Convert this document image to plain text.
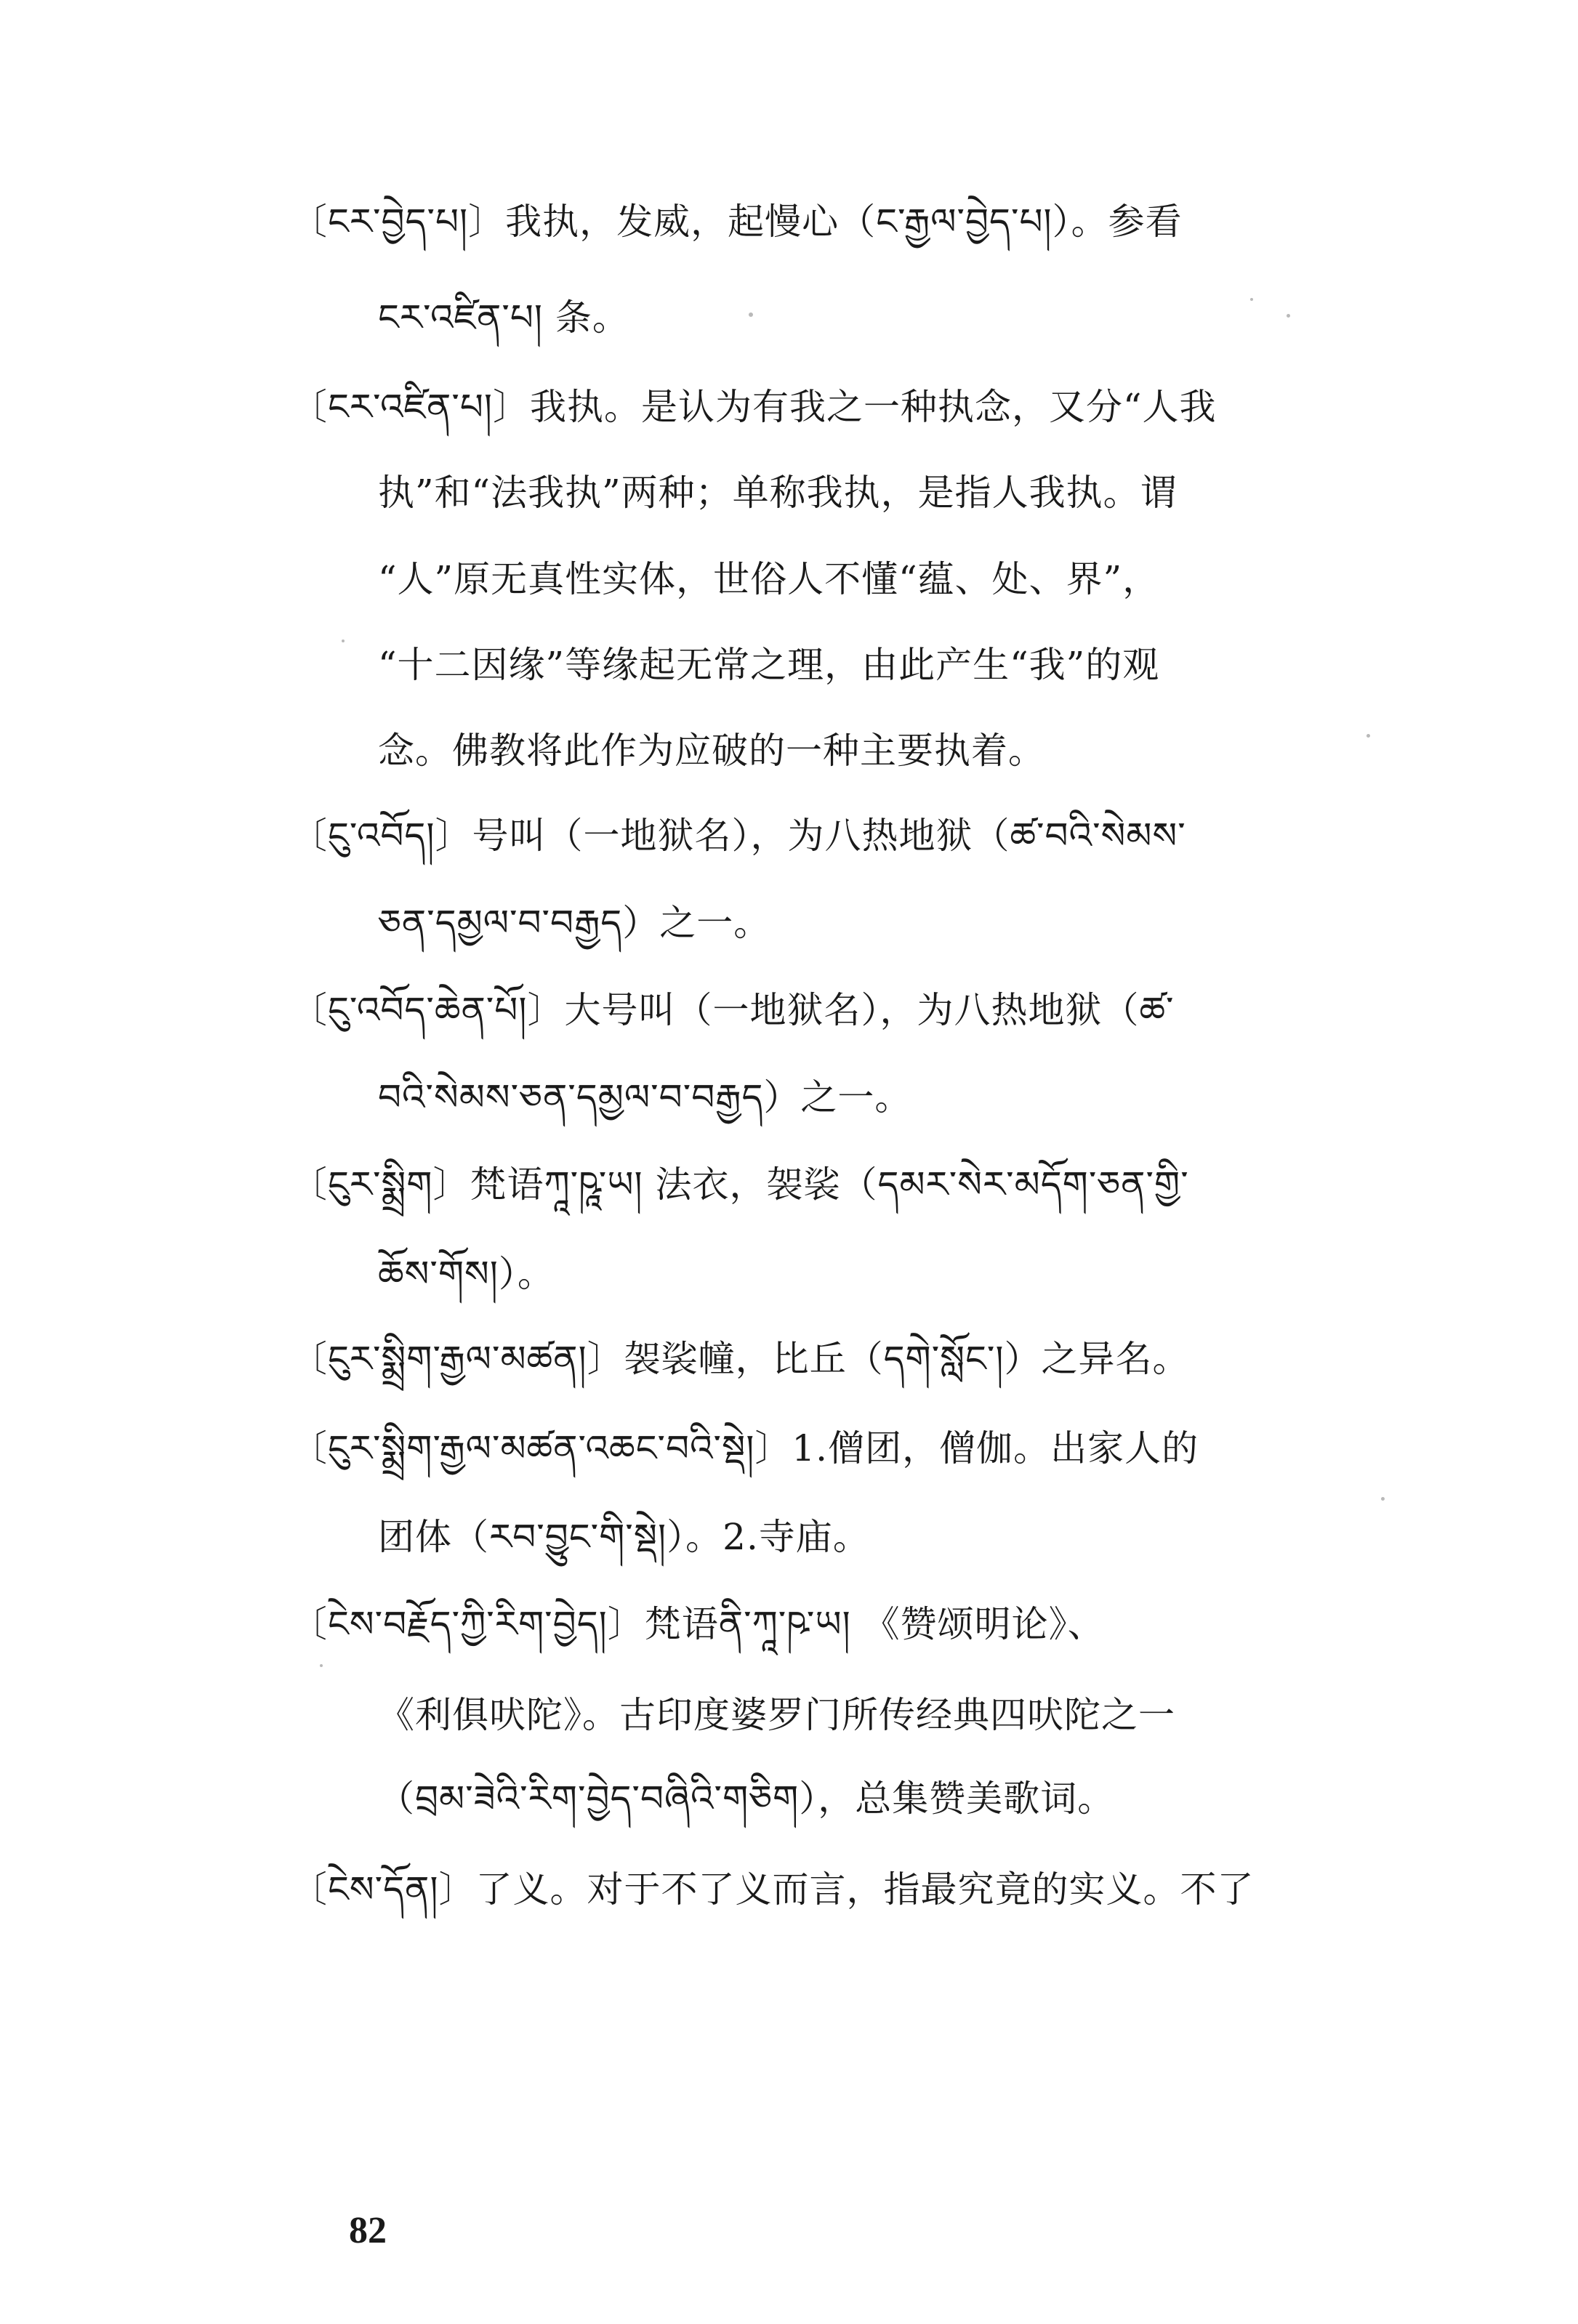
〔ངར་བྱེད་པ།〕我执，发威，起慢心（ང་རྒྱལ་བྱེད་པ།）。参看
ངར་འཛིན་པ། 条。
〔ངར་འཛིན་པ།〕我执。是认为有我之一种执念，又分“人我
执”和“法我执”两种；单称我执，是指人我执。谓
“人”原无真性实体，世俗人不懂“蕴、处、界”，
“十二因缘”等缘起无常之理，由此产生“我”的观
念。佛教将此作为应破的一种主要执着。
〔ངུ་འབོད།〕号叫（一地狱名），为八热地狱（ཚ་བའི་སེམས་
ཅན་དམྱལ་བ་བརྒྱད）之一。
〔ངུ་འབོད་ཆེན་པོ།〕大号叫（一地狱名），为八热地狱（ཚ་
བའི་སེམས་ཅན་དམྱལ་བ་བརྒྱད）之一。
〔ངུར་སྨྲིག〕梵语ཀཱ་ཥཱ་ཡ། 法衣，袈裟（དམར་སེར་མདོག་ཅན་གྱི་
ཆོས་གོས།）。
〔ངུར་སྨྲིག་རྒྱལ་མཚན།〕袈裟幢，比丘（དགེ་སློང་།）之异名。
〔ངུར་སྨྲིག་རྒྱལ་མཚན་འཆང་བའི་སྡེ།〕1.僧团，僧伽。出家人的
团体（རབ་བྱུང་གི་སྡེ།）。2.寺庙。
〔ངེས་བརྗོད་ཀྱི་རིག་བྱེད།〕梵语ནི་ཀཱ་ཥ་ཡ། 《赞颂明论》、
《利俱吠陀》。古印度婆罗门所传经典四吠陀之一
（བྲམ་ཟེའི་རིག་བྱེད་བཞིའི་གཅིག），总集赞美歌词。
〔ངེས་དོན།〕了义。对于不了义而言，指最究竟的实义。不了
82
